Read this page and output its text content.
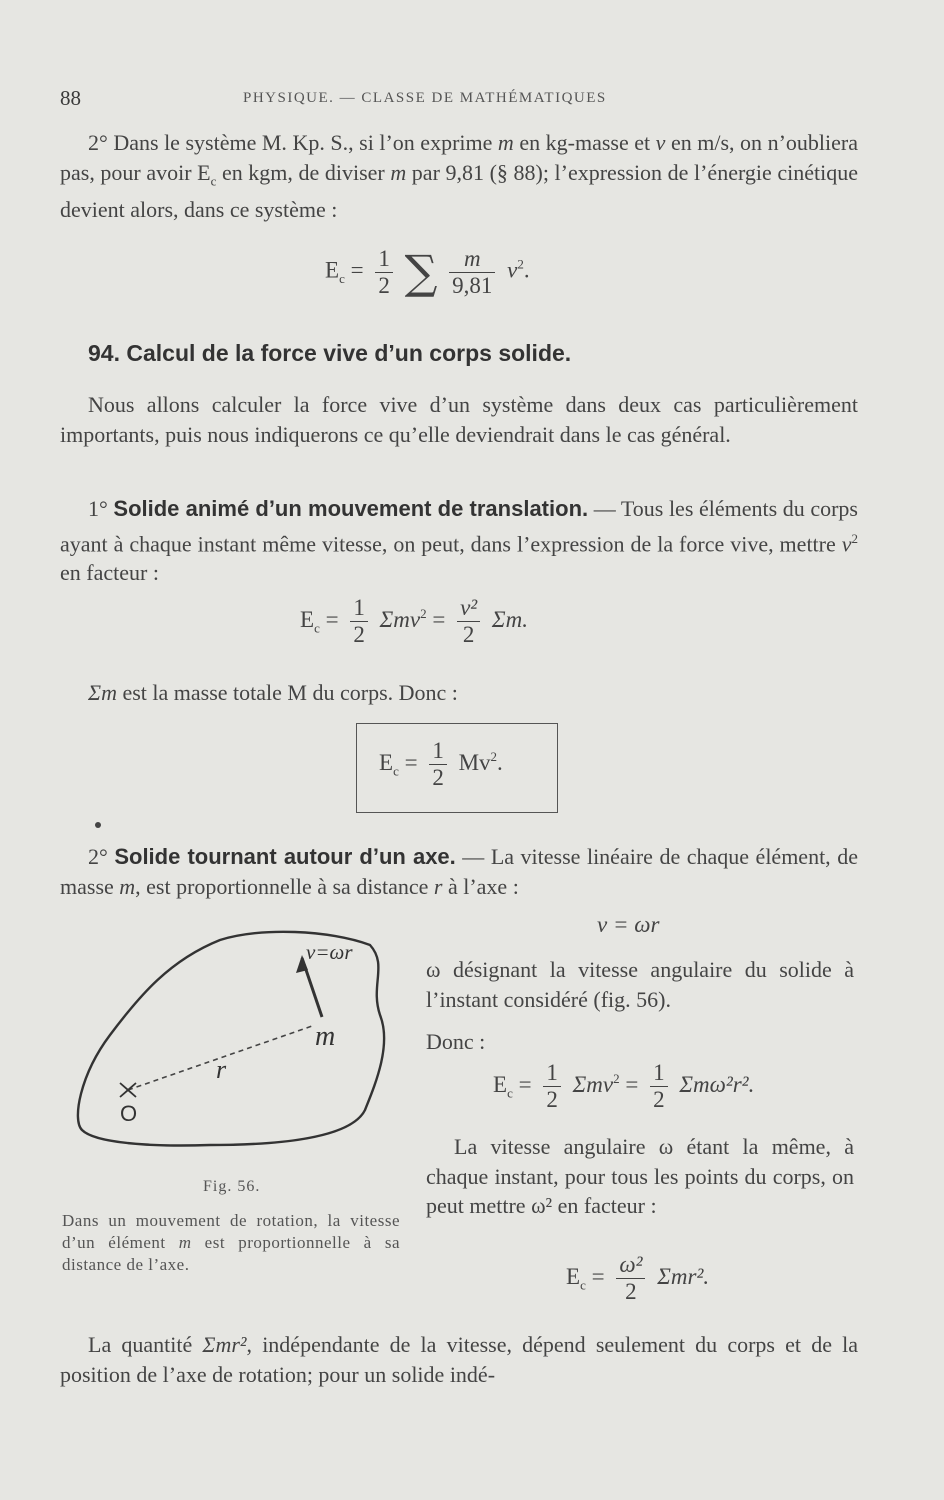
88	PHYSIQUE. — CLASSE DE MATHÉMATIQUES

2° Dans le système M. Kp. S., si l’on exprime m en kg-masse et v en m/s, on n’oubliera pas, pour avoir $E_c$ en kgm, de diviser m par 9,81 (§ 88); l’expression de l’énergie cinétique devient alors, dans ce système :

$E_c = \frac{1}{2}$ ∑ $\frac{m}{9,81} v^2$.
94. Calcul de la force vive d’un corps solide.

Nous allons calculer la force vive d’un système dans deux cas particulièrement importants, puis nous indiquerons ce qu’elle deviendrait dans le cas général.

1° Solide animé d’un mouvement de translation. — Tous les éléments du corps ayant à chaque instant même vitesse, on peut, dans l’expression de la force vive, mettre $v^2$ en facteur :

$E_c = \frac{1}{2} \Sigma mv^2 = \frac{\text{v²}}{2} \Sigma m$.

Σm est la masse totale M du corps. Donc :

$E_c = \frac{1}{2} Mv^2$.

2° Solide tournant autour d’un axe. — La vitesse linéaire de chaque élément, de masse m, est proportionnelle à sa distance r à l’axe :

v = ωr
v=ωr
m
r
O
Fig. 56.
Dans un mouvement de rotation, la vitesse d’un élément m est proportionnelle à sa distance de l’axe.

ω désignant la vitesse angulaire du solide à l’instant considéré (fig. 56).

Donc :

$E_c = \frac{1}{2} \Sigma mv^2 = \frac{1}{2} \Sigma m\omega^2r^2$.

La vitesse angulaire ω étant la même, à chaque instant, pour tous les points du corps, on peut mettre ω² en facteur :

$E_c = \frac{\text{ω²}}{2} \Sigma mr^2$.

La quantité Σmr², indépendante de la vitesse, dépend seulement du corps et de la position de l’axe de rotation; pour un solide indé-
